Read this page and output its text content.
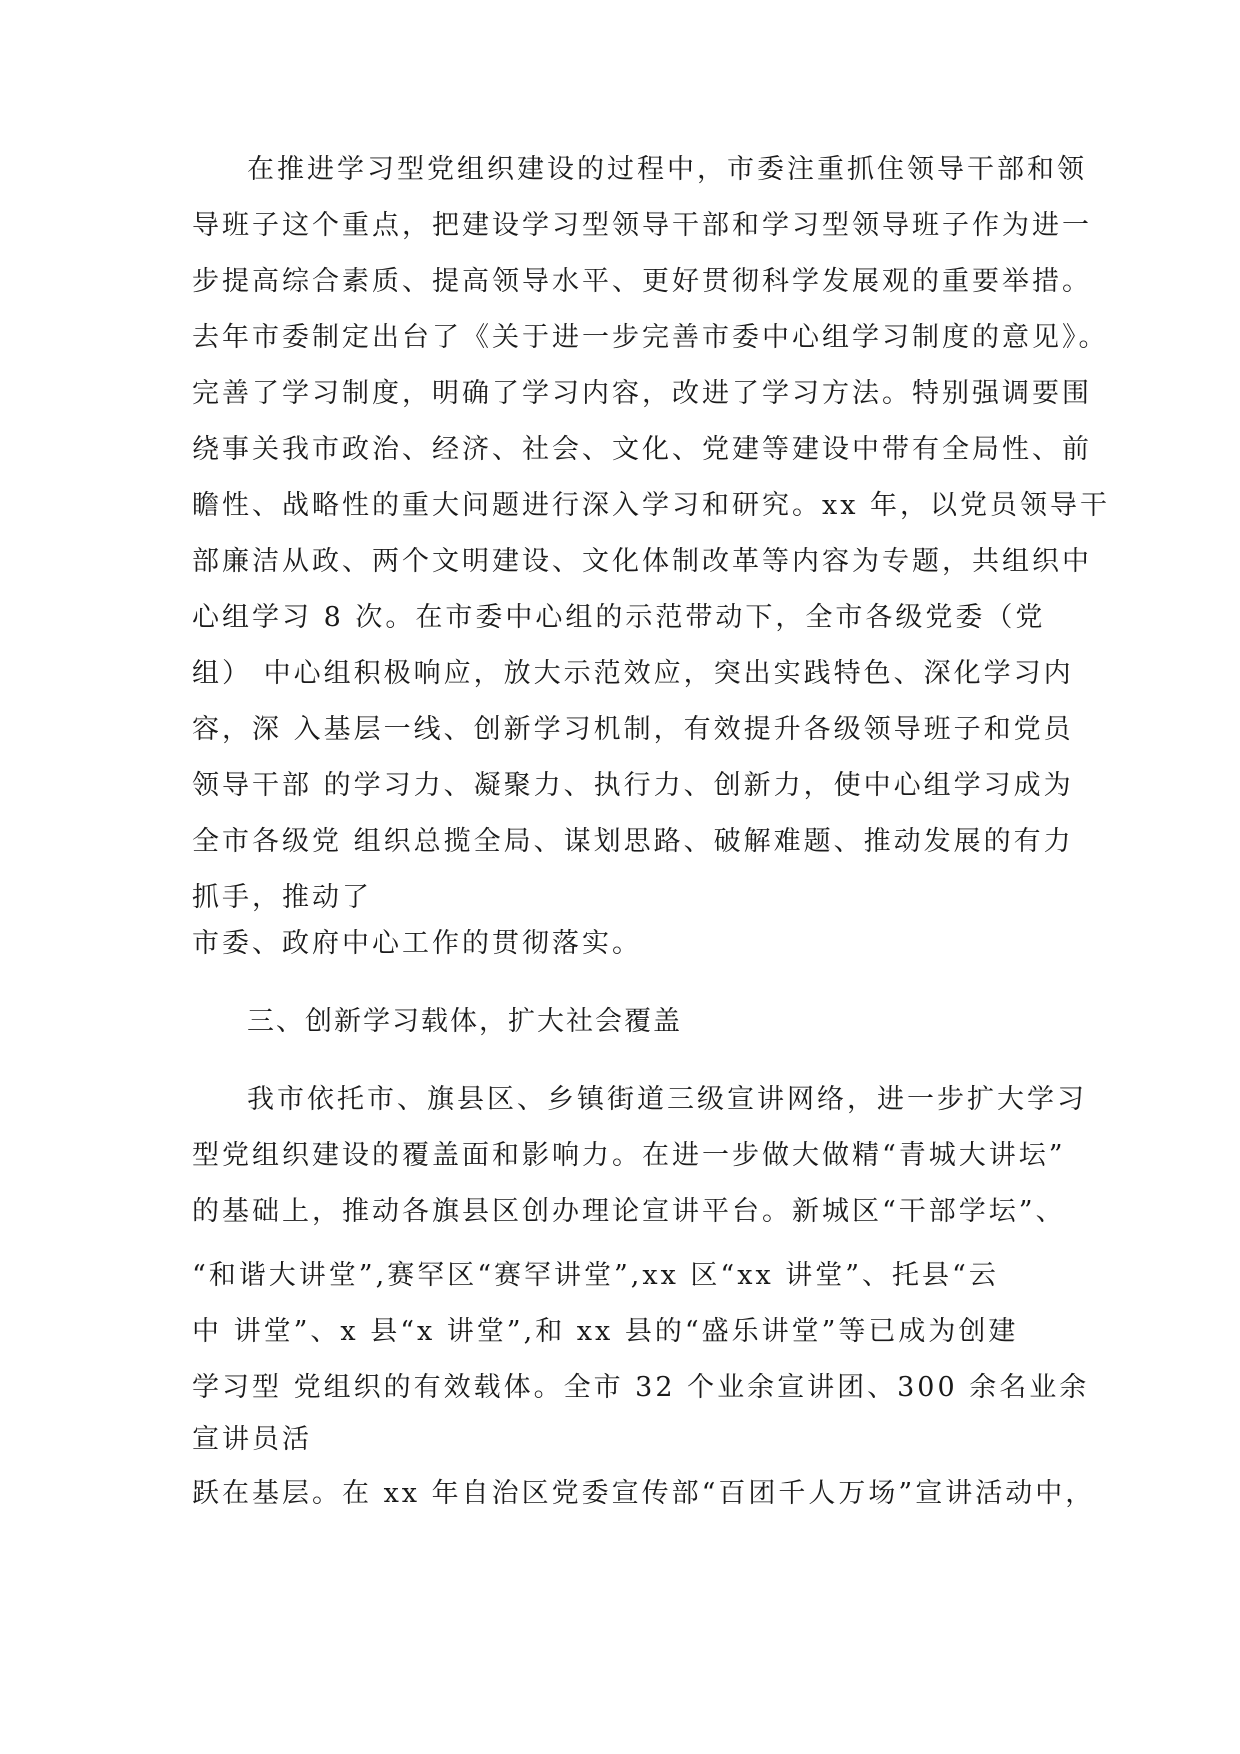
在推进学习型党组织建设的过程中，市委注重抓住领导干部和领

导班子这个重点，把建设学习型领导干部和学习型领导班子作为进一

步提高综合素质、提高领导水平、更好贯彻科学发展观的重要举措。

去年市委制定出台了《关于进一步完善市委中心组学习制度的意见》。

完善了学习制度，明确了学习内容，改进了学习方法。特别强调要围

绕事关我市政治、经济、社会、文化、党建等建设中带有全局性、前

瞻性、战略性的重大问题进行深入学习和研究。xx 年，以党员领导干

部廉洁从政、两个文明建设、文化体制改革等内容为专题，共组织中

心组学习 8 次。在市委中心组的示范带动下，全市各级党委（党

组） 中心组积极响应，放大示范效应，突出实践特色、深化学习内

容，深 入基层一线、创新学习机制，有效提升各级领导班子和党员

领导干部 的学习力、凝聚力、执行力、创新力，使中心组学习成为

全市各级党 组织总揽全局、谋划思路、破解难题、推动发展的有力

抓手，推动了

市委、政府中心工作的贯彻落实。

三、创新学习载体，扩大社会覆盖

我市依托市、旗县区、乡镇街道三级宣讲网络，进一步扩大学习

型党组织建设的覆盖面和影响力。在进一步做大做精“青城大讲坛”

的基础上，推动各旗县区创办理论宣讲平台。新城区“干部学坛”、

“和谐大讲堂”,赛罕区“赛罕讲堂”,xx 区“xx 讲堂”、托县“云

中 讲堂”、x 县“x 讲堂”,和 xx 县的“盛乐讲堂”等已成为创建

学习型 党组织的有效载体。全市 32 个业余宣讲团、300 余名业余

宣讲员活

跃在基层。在 xx 年自治区党委宣传部“百团千人万场”宣讲活动中，
